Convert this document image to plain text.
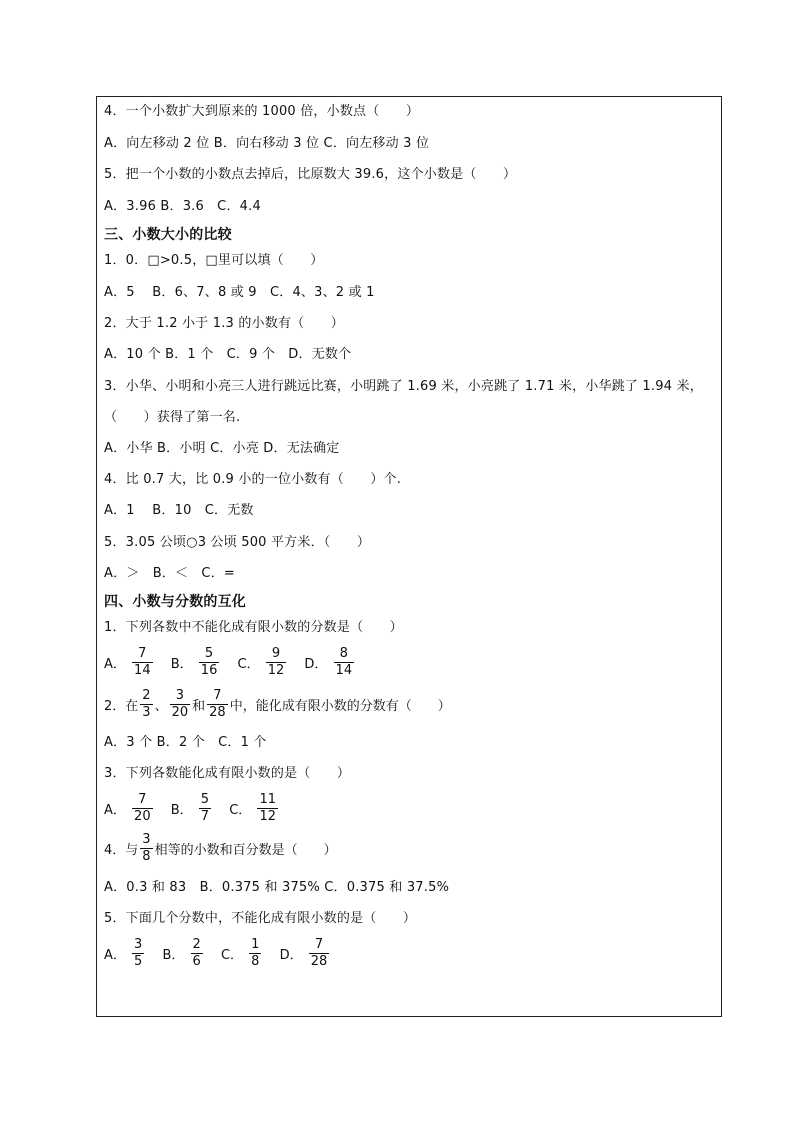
4．一个小数扩大到原来的 1000 倍，小数点（　　）
A．向左移动 2 位 B．向右移动 3 位 C．向左移动 3 位
5．把一个小数的小数点去掉后，比原数大 39.6，这个小数是（　　）
A．3.96 B．3.6　C．4.4
三、小数大小的比较
1．0．□>0.5，□里可以填（　　）
A．5　 B．6、7、8 或 9　C．4、3、2 或 1
2．大于 1.2 小于 1.3 的小数有（　　）
A．10 个 B．1 个　C．9 个　D．无数个
3．小华、小明和小亮三人进行跳远比赛，小明跳了 1.69 米，小亮跳了 1.71 米，小华跳了 1.94 米，
（　　）获得了第一名.
A．小华 B．小明 C．小亮 D．无法确定
4．比 0.7 大，比 0.9 小的一位小数有（　　）个.
A．1　 B．10　C．无数
5．3.05 公顷○3 公顷 500 平方米．（　　）
A．＞　B．＜　C．=
四、小数与分数的互化
1．下列各数中不能化成有限小数的分数是（　　）
A． $\frac{7}{14}$ B． $\frac{5}{16}$ C． $\frac{9}{12}$ D． $\frac{8}{14}$
2．在 $\frac{2}{3}$ 、 $\frac{3}{20}$ 和 $\frac{7}{28}$ 中，能化成有限小数的分数有（　　）
A．3 个 B．2 个　C．1 个
3．下列各数能化成有限小数的是（　　）
A． $\frac{7}{20}$ B． $\frac{5}{7}$ C． $\frac{11}{12}$
4．与 $\frac{3}{8}$ 相等的小数和百分数是（　　）
A．0.3 和 83　B．0.375 和 375% C．0.375 和 37.5%
5．下面几个分数中，不能化成有限小数的是（　　）
A． $\frac{3}{5}$ B． $\frac{2}{6}$ C． $\frac{1}{8}$ D． $\frac{7}{28}$
